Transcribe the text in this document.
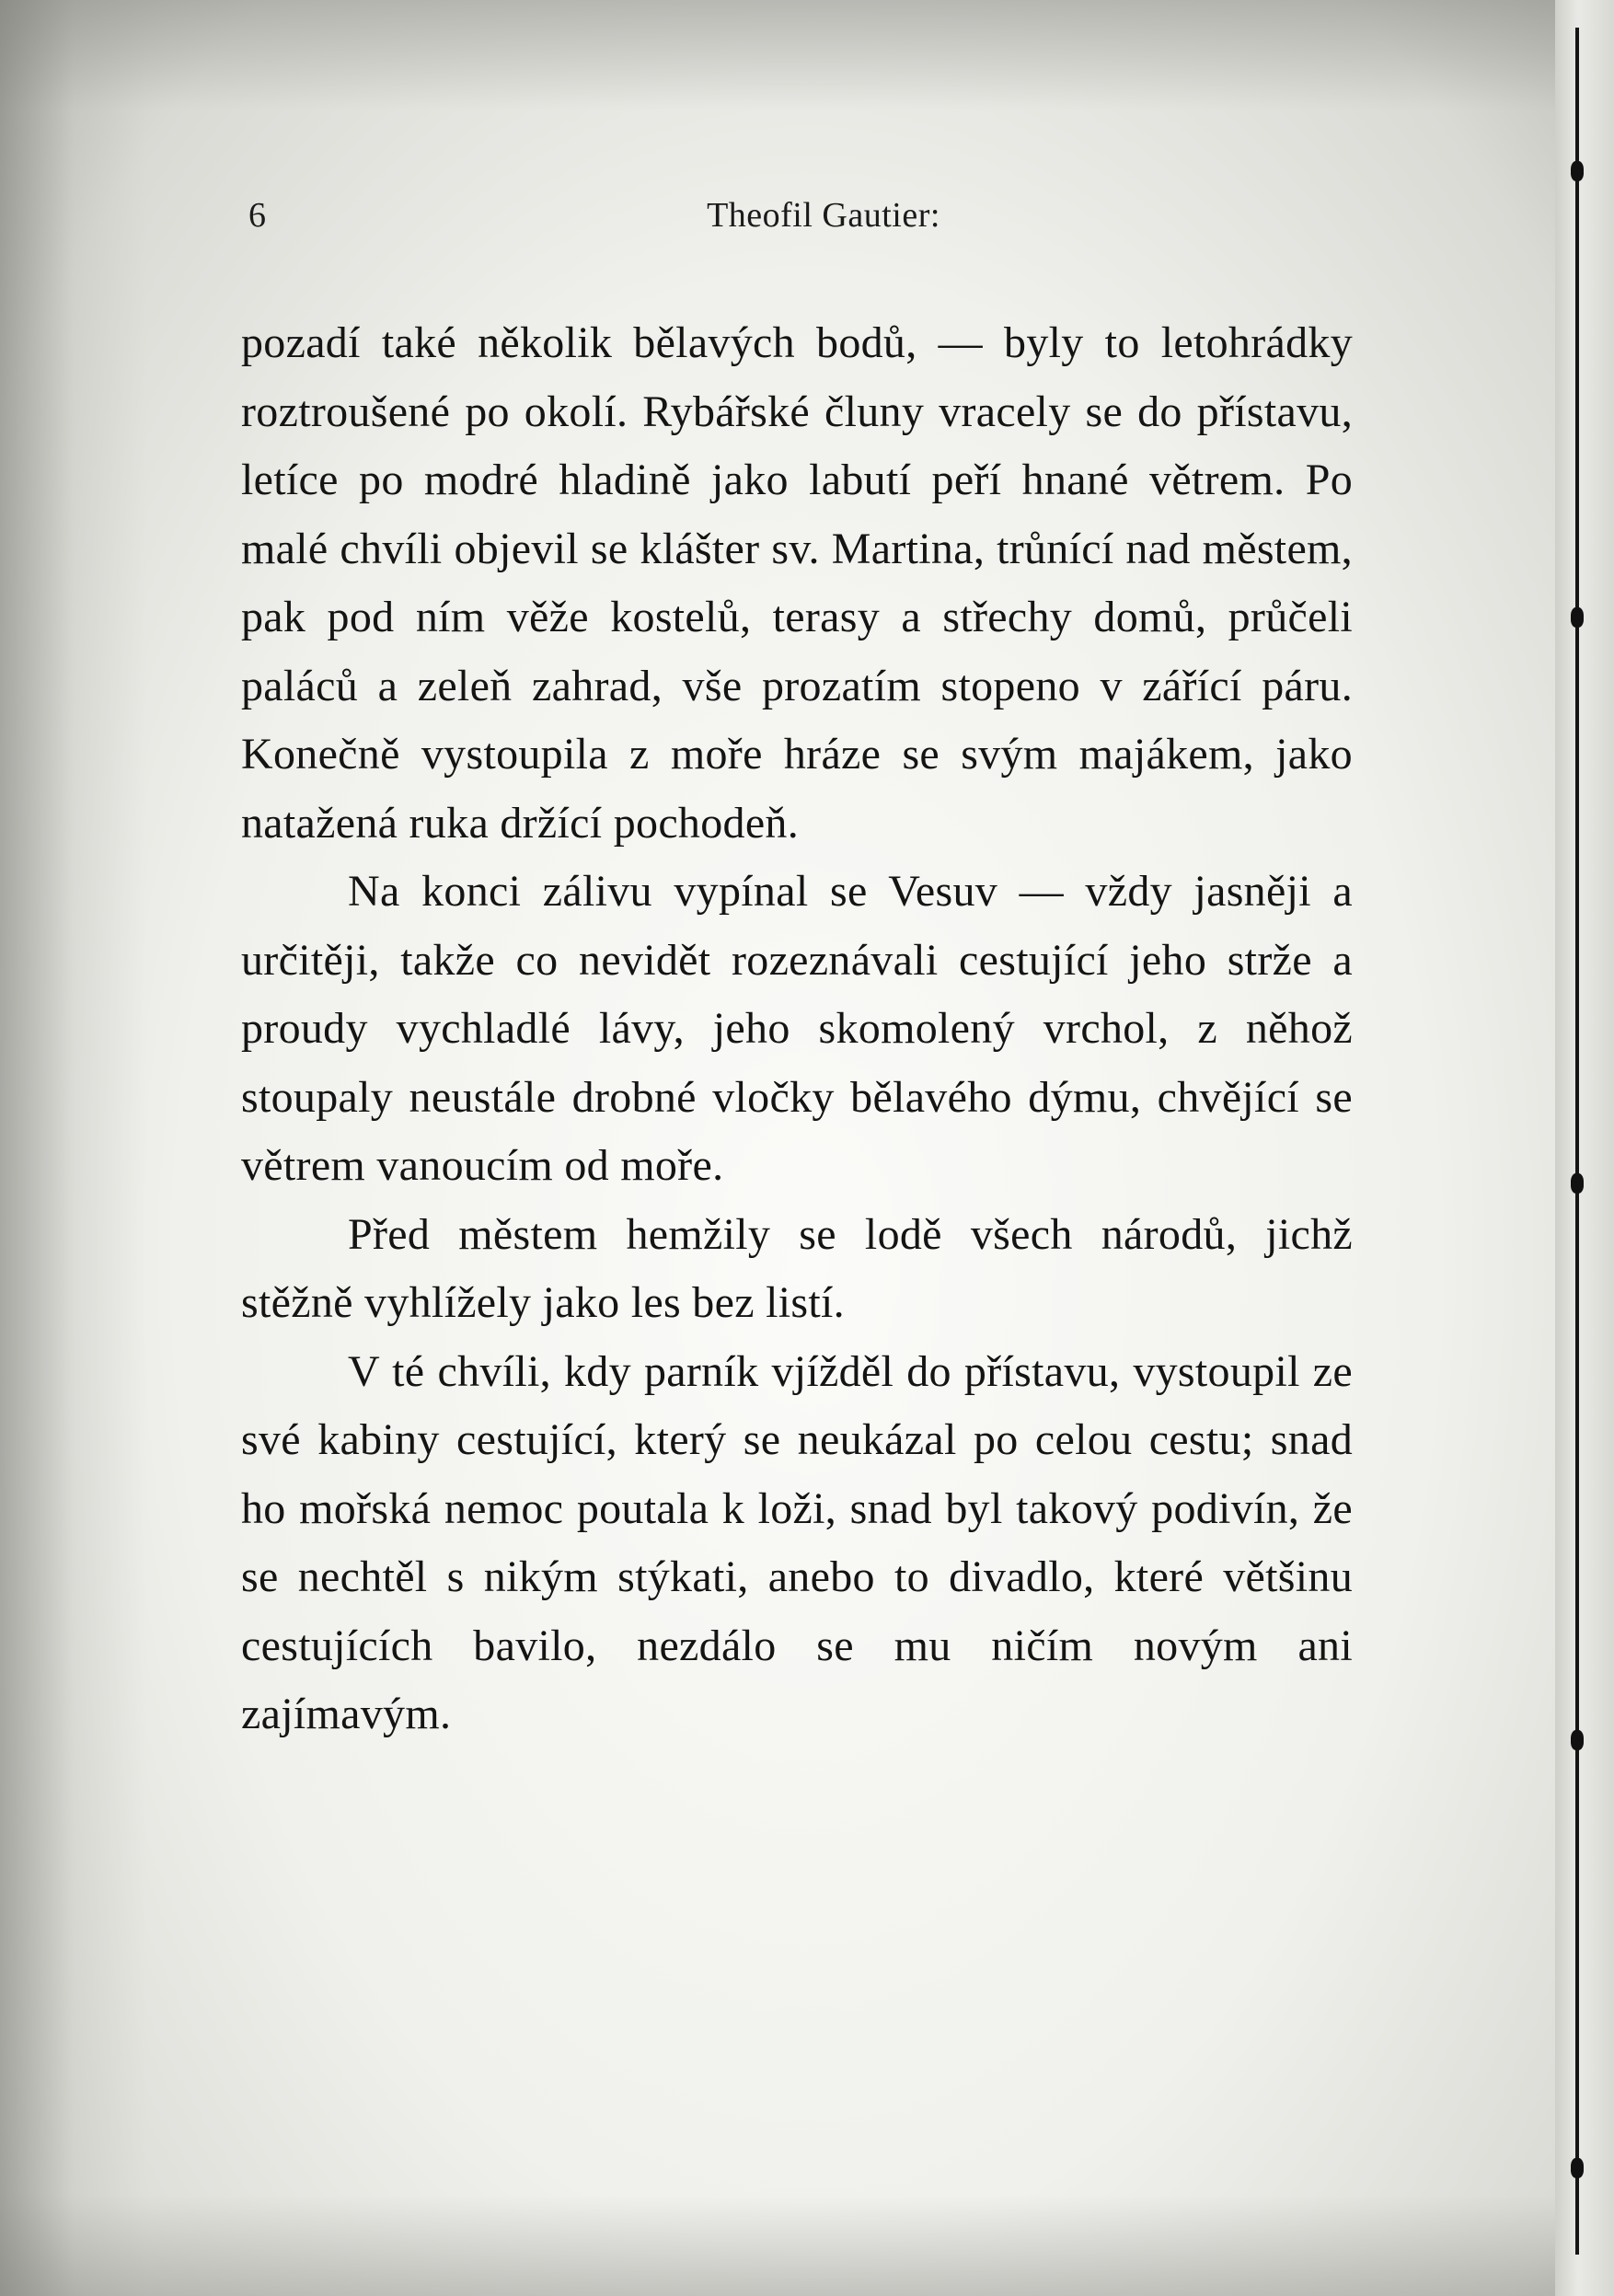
6	Theofil Gautier:

pozadí také několik bělavých bodů, — byly to letohrádky roztroušené po okolí. Rybářské čluny vracely se do přístavu, letíce po modré hladině jako labutí peří hnané větrem. Po malé chvíli objevil se klášter sv. Martina, trůnící nad městem, pak pod ním věže kostelů, terasy a střechy domů, průčeli paláců a zeleň zahrad, vše prozatím stopeno v zářící páru. Konečně vystoupila z moře hráze se svým majákem, jako natažená ruka držící pochodeň.

Na konci zálivu vypínal se Vesuv — vždy jasněji a určitěji, takže co nevidět rozeznávali cestující jeho strže a proudy vychladlé lávy, jeho skomolený vrchol, z něhož stoupaly neustále drobné vločky bělavého dýmu, chvějící se větrem vanoucím od moře.

Před městem hemžily se lodě všech národů, jichž stěžně vyhlížely jako les bez listí.

V té chvíli, kdy parník vjížděl do přístavu, vystoupil ze své kabiny cestující, který se neukázal po celou cestu; snad ho mořská nemoc poutala k loži, snad byl takový podivín, že se nechtěl s nikým stýkati, anebo to divadlo, které většinu cestujících bavilo, nezdálo se mu ničím novým ani zajímavým.
